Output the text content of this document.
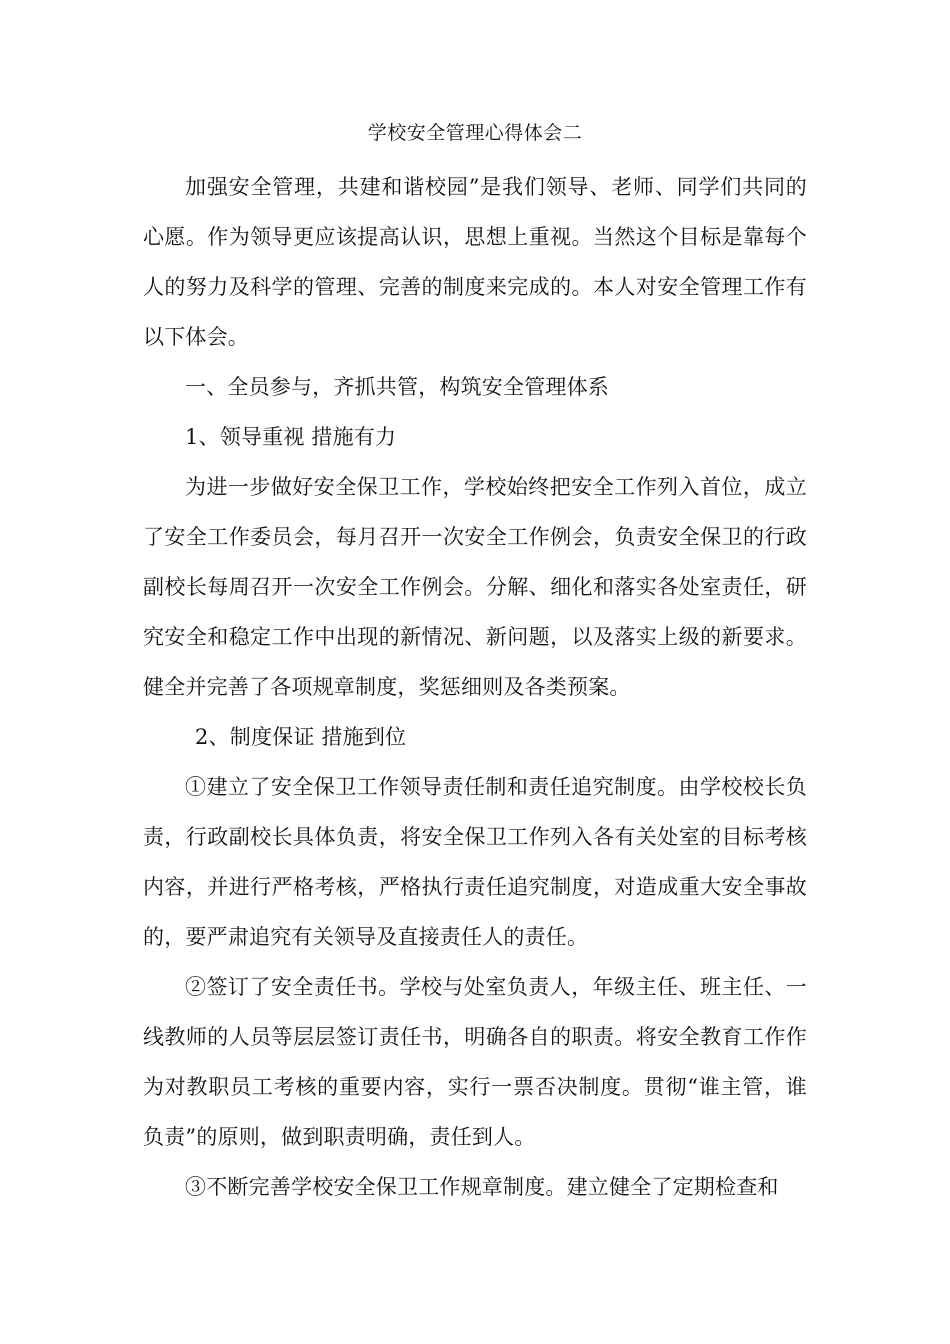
学校安全管理心得体会二

加强安全管理，共建和谐校园”是我们领导、老师、同学们共同的心愿。作为领导更应该提高认识，思想上重视。当然这个目标是靠每个人的努力及科学的管理、完善的制度来完成的。本人对安全管理工作有以下体会。

一、全员参与，齐抓共管，构筑安全管理体系

1、领导重视 措施有力

为进一步做好安全保卫工作，学校始终把安全工作列入首位，成立了安全工作委员会，每月召开一次安全工作例会，负责安全保卫的行政副校长每周召开一次安全工作例会。分解、细化和落实各处室责任，研究安全和稳定工作中出现的新情况、新问题，以及落实上级的新要求。健全并完善了各项规章制度，奖惩细则及各类预案。

2、制度保证 措施到位

①建立了安全保卫工作领导责任制和责任追究制度。由学校校长负责，行政副校长具体负责，将安全保卫工作列入各有关处室的目标考核内容，并进行严格考核，严格执行责任追究制度，对造成重大安全事故的，要严肃追究有关领导及直接责任人的责任。

②签订了安全责任书。学校与处室负责人，年级主任、班主任、一线教师的人员等层层签订责任书，明确各自的职责。将安全教育工作作为对教职员工考核的重要内容，实行一票否决制度。贯彻“谁主管，谁负责”的原则，做到职责明确，责任到人。

③不断完善学校安全保卫工作规章制度。建立健全了定期检查和
